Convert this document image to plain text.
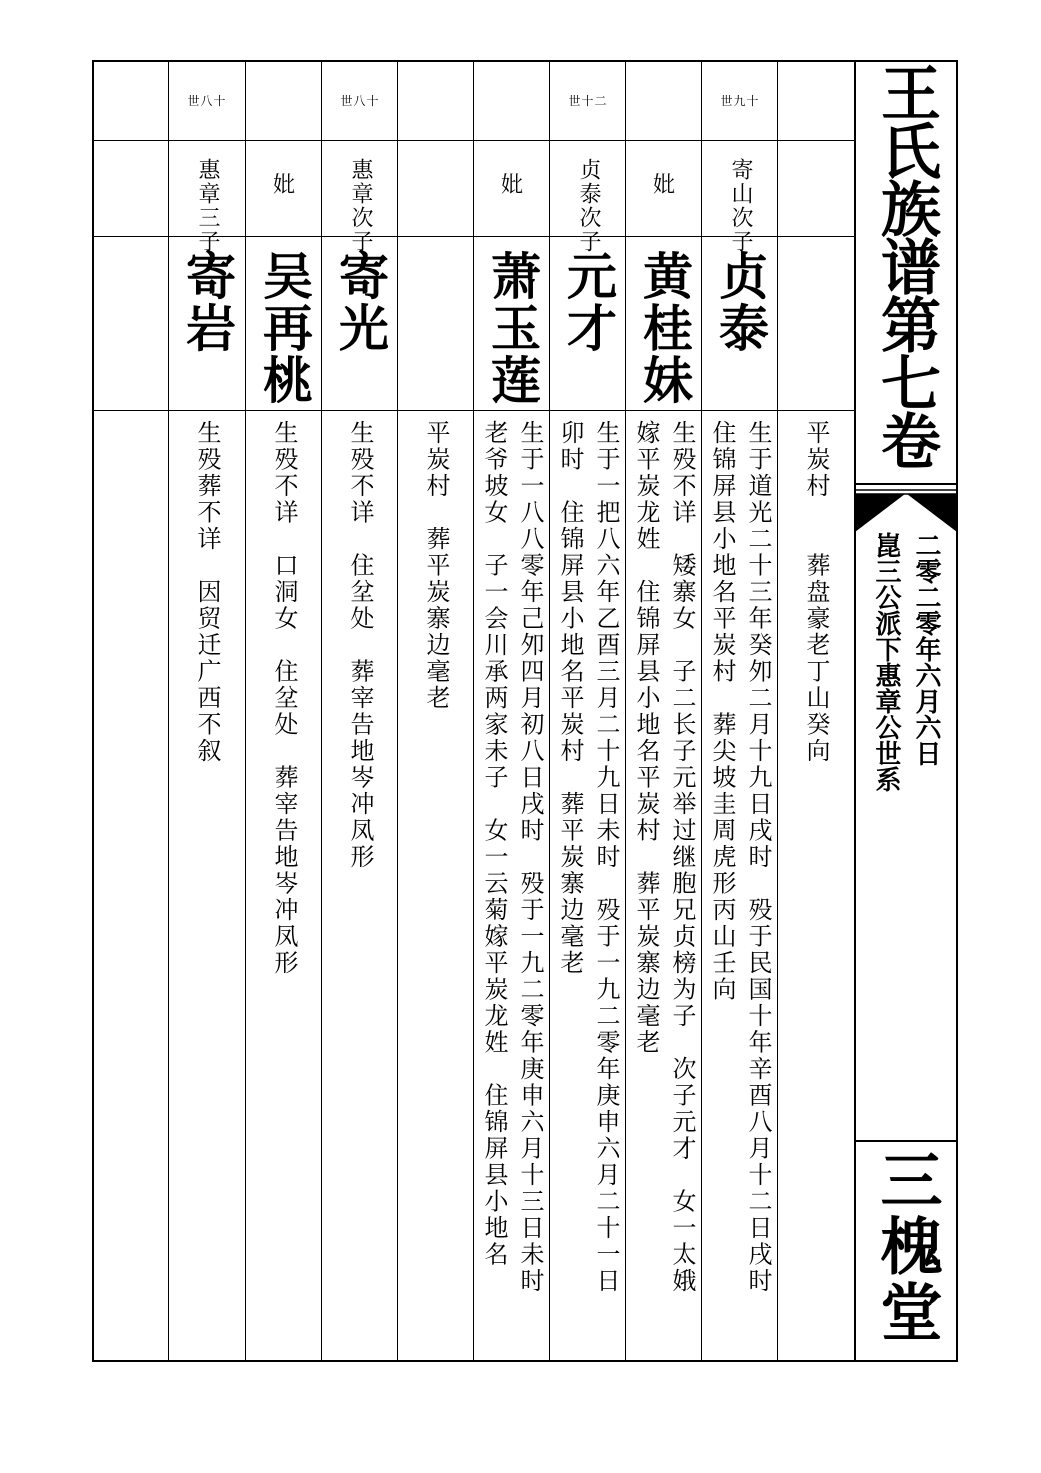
平炭村　　葬盘豪老丁山癸向
世九十
寄山次子
贞泰
生于道光二十三年癸夘二月十九日戌时　殁于民国十年辛酉八月十二日戌时
住锦屏县小地名平炭村　葬尖坡圭周虎形丙山壬向
妣
黄桂妹
生殁不详　矮寨女　子二长子元举过继胞兄贞榜为子　次子元才　女一太娥
嫁平炭龙姓　住锦屏县小地名平炭村　葬平炭寨边毫老
世十二
贞泰次子
元才
生于一把八六年乙酉三月二十九日未时　殁于一九二零年庚申六月二十一日
卯时　住锦屏县小地名平炭村　葬平炭寨边毫老
妣
萧玉莲
生于一八八零年己夘四月初八日戌时　殁于一九二零年庚申六月十三日未时
老爷坡女　子一会川承两家未子　女一云菊嫁平炭龙姓　住锦屏县小地名
平炭村　葬平炭寨边毫老
世八十
惠章次子
寄光
生殁不详　住坌处　葬宰告地岑冲凤形
妣
吴再桃
生殁不详　口洞女　住坌处　葬宰告地岑冲凤形
世八十
惠章三子
寄岩
生殁葬不详　因贸迁广西不叙
王氏族谱第七卷
崑三公派下惠章公世系 二零二零年六月六日
三槐堂
